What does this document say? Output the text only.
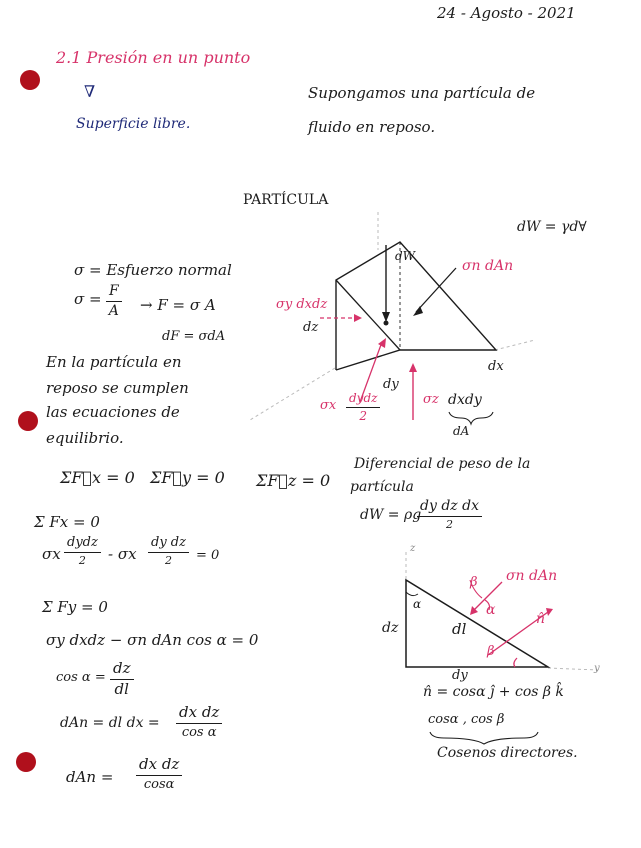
24 - Agosto - 2021
2.1 Presión en un punto
∇
Superficie libre.
Supongamos una partícula de
fluido en reposo.
PARTÍCULA
dW = γd∀
dW
σn dAn
σy dxdz
dz
dx
dy
σx dydz
2
σz dxdy
dA
σ = Esfuerzo normal
$\sigma = \frac{F}{A} \to F = \sigma$ A
dF = σdA
En la partícula en
reposo se cumplen
las ecuaciones de
equilibrio.
ΣF⃗x = 0 ΣF⃗y = 0 ΣF⃗z = 0
Diferencial de peso de la
partícula
dW = ρg
dy dz dx
2
Σ Fx = 0
σx
dydz
2 - σx
dy dz
2 = 0
Σ Fy = 0
σy dxdz − σn dAn cos α = 0
$\cos \alpha = \frac{dz}{dl}$
dAn = dl dx = $\frac{\text{dx dz}}{\text{cos α}}$
dAn = $\frac{\text{dx dz}}{\cos\alpha}$
z
y
β σn dAn
α
α
n̂
dz	dl
β
dy
n̂ = cosα ĵ + cos β k̂
cosα , cos β
Cosenos directores.
